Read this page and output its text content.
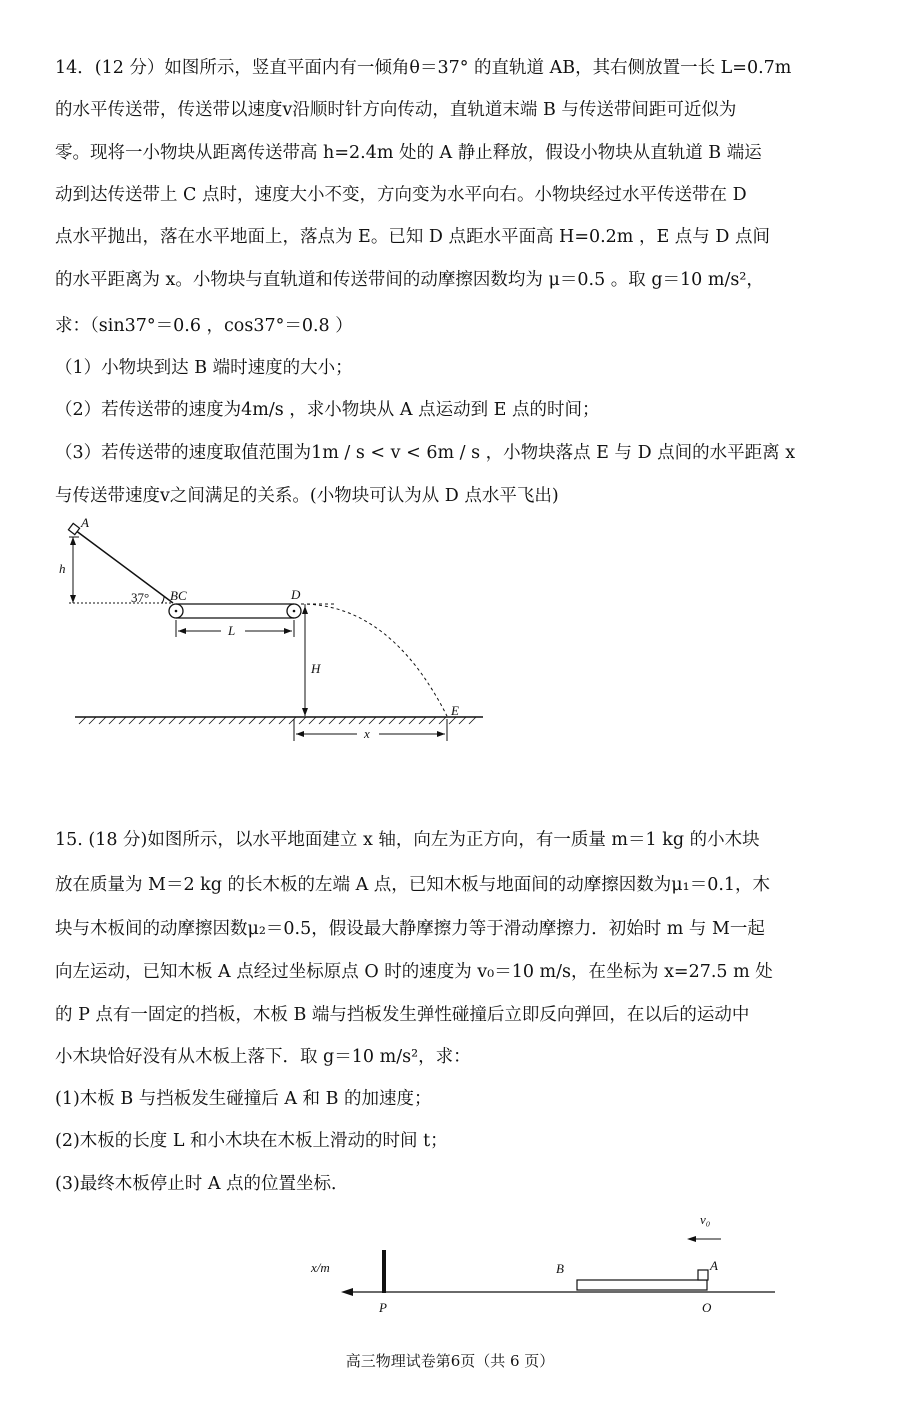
14．(12 分）如图所示，竖直平面内有一倾角θ＝37° 的直轨道 AB，其右侧放置一长 L=0.7m
的水平传送带，传送带以速度v沿顺时针方向传动，直轨道末端 B 与传送带间距可近似为
零。现将一小物块从距离传送带高 h=2.4m 处的 A 静止释放，假设小物块从直轨道 B 端运
动到达传送带上 C 点时，速度大小不变，方向变为水平向右。小物块经过水平传送带在 D
点水平抛出，落在水平地面上，落点为 E。已知 D 点距水平面高 H=0.2m ，E 点与 D 点间
的水平距离为 x。小物块与直轨道和传送带间的动摩擦因数均为 μ＝0.5 。取 g＝10 m/s²，
求：（sin37°＝0.6 ，cos37°＝0.8 ）
（1）小物块到达 B 端时速度的大小；
（2）若传送带的速度为4m/s ，求小物块从 A 点运动到 E 点的时间；
（3）若传送带的速度取值范围为1m / s < v < 6m / s ，小物块落点 E 与 D 点间的水平距离 x
与传送带速度v之间满足的关系。(小物块可认为从 D 点水平飞出)
A
h
37° BC	D
L
H
E
x
15. (18 分)如图所示，以水平地面建立 x 轴，向左为正方向，有一质量 m＝1 kg 的小木块
放在质量为 M＝2 kg 的长木板的左端 A 点，已知木板与地面间的动摩擦因数为μ₁＝0.1，木
块与木板间的动摩擦因数μ₂＝0.5，假设最大静摩擦力等于滑动摩擦力．初始时 m 与 M一起
向左运动，已知木板 A 点经过坐标原点 O 时的速度为 v₀＝10 m/s，在坐标为 x=27.5 m 处
的 P 点有一固定的挡板，木板 B 端与挡板发生弹性碰撞后立即反向弹回，在以后的运动中
小木块恰好没有从木板上落下．取 g＝10 m/s²，求：
(1)木板 B 与挡板发生碰撞后 A 和 B 的加速度；
(2)木板的长度 L 和小木块在木板上滑动的时间 t；
(3)最终木板停止时 A 点的位置坐标．
x/m
v₀
A
B
P	O
高三物理试卷第6页（共 6 页）
